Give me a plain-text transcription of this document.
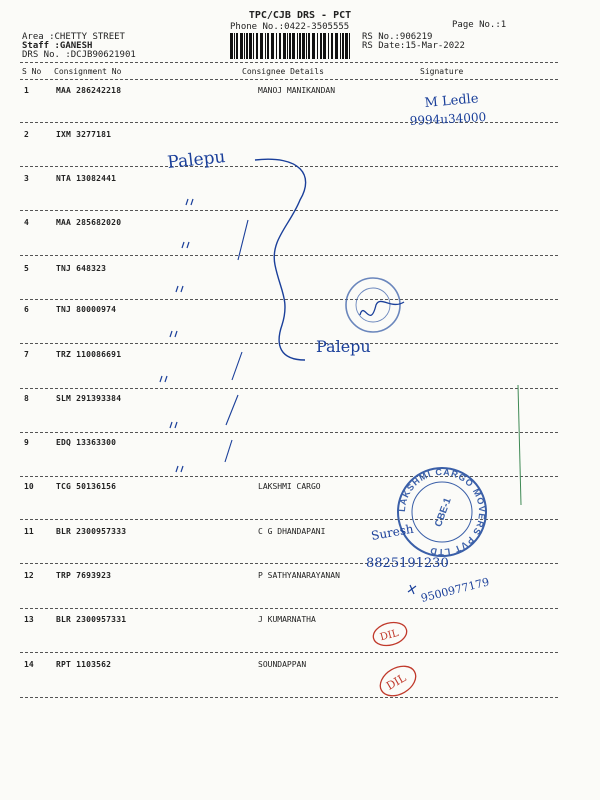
TPC/CJB DRS - PCT
Phone No.:0422-3505555	Page No.:1
Area :CHETTY STREET
Staff :GANESH
DRS No. :DCJB90621901
RS No.:906219
RS Date:15-Mar-2022
S No Consignment No	Consignee Details	Signature
1	MAA 286242218	MANOJ MANIKANDAN
2	IXM 3277181
3	NTA 13082441
4	MAA 285682020
5	TNJ 648323
6	TNJ 80000974
7	TRZ 110086691
8	SLM 291393384
9	EDQ 13363300
10	TCG 50136156	LAKSHMI CARGO
11	BLR 2300957333	C G DHANDAPANI
12	TRP 7693923	P SATHYANARAYANAN
13	BLR 2300957331	J KUMARNATHA
14	RPT 1103562	SOUNDAPPAN
M Ledle
9994u34000
Palepu
Palepu
LAKSHMI CARGO MOVERS PVT LTD
CBE-1
Suresh
8825191230
9500977179
DIL
DIL
